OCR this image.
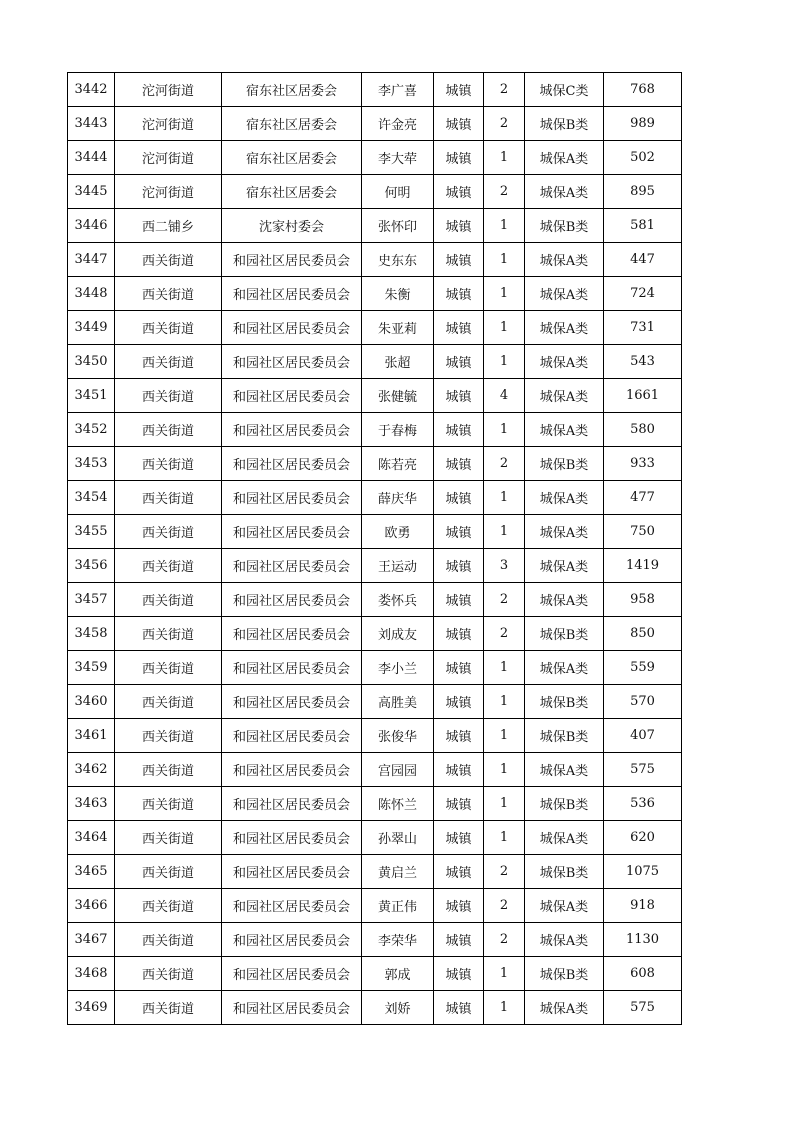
3442	沱河街道	宿东社区居委会	李广喜	城镇	2	城保C类	768
3443	沱河街道	宿东社区居委会	许金亮	城镇	2	城保B类	989
3444	沱河街道	宿东社区居委会	李大荦	城镇	1	城保A类	502
3445	沱河街道	宿东社区居委会	何明	城镇	2	城保A类	895
3446	西二铺乡	沈家村委会	张怀印	城镇	1	城保B类	581
3447	西关街道	和园社区居民委员会	史东东	城镇	1	城保A类	447
3448	西关街道	和园社区居民委员会	朱衡	城镇	1	城保A类	724
3449	西关街道	和园社区居民委员会	朱亚莉	城镇	1	城保A类	731
3450	西关街道	和园社区居民委员会	张超	城镇	1	城保A类	543
3451	西关街道	和园社区居民委员会	张健毓	城镇	4	城保A类	1661
3452	西关街道	和园社区居民委员会	于春梅	城镇	1	城保A类	580
3453	西关街道	和园社区居民委员会	陈若亮	城镇	2	城保B类	933
3454	西关街道	和园社区居民委员会	薛庆华	城镇	1	城保A类	477
3455	西关街道	和园社区居民委员会	欧勇	城镇	1	城保A类	750
3456	西关街道	和园社区居民委员会	王运动	城镇	3	城保A类	1419
3457	西关街道	和园社区居民委员会	娄怀兵	城镇	2	城保A类	958
3458	西关街道	和园社区居民委员会	刘成友	城镇	2	城保B类	850
3459	西关街道	和园社区居民委员会	李小兰	城镇	1	城保A类	559
3460	西关街道	和园社区居民委员会	高胜美	城镇	1	城保B类	570
3461	西关街道	和园社区居民委员会	张俊华	城镇	1	城保B类	407
3462	西关街道	和园社区居民委员会	宫园园	城镇	1	城保A类	575
3463	西关街道	和园社区居民委员会	陈怀兰	城镇	1	城保B类	536
3464	西关街道	和园社区居民委员会	孙翠山	城镇	1	城保A类	620
3465	西关街道	和园社区居民委员会	黄启兰	城镇	2	城保B类	1075
3466	西关街道	和园社区居民委员会	黄正伟	城镇	2	城保A类	918
3467	西关街道	和园社区居民委员会	李荣华	城镇	2	城保A类	1130
3468	西关街道	和园社区居民委员会	郭成	城镇	1	城保B类	608
3469	西关街道	和园社区居民委员会	刘娇	城镇	1	城保A类	575
